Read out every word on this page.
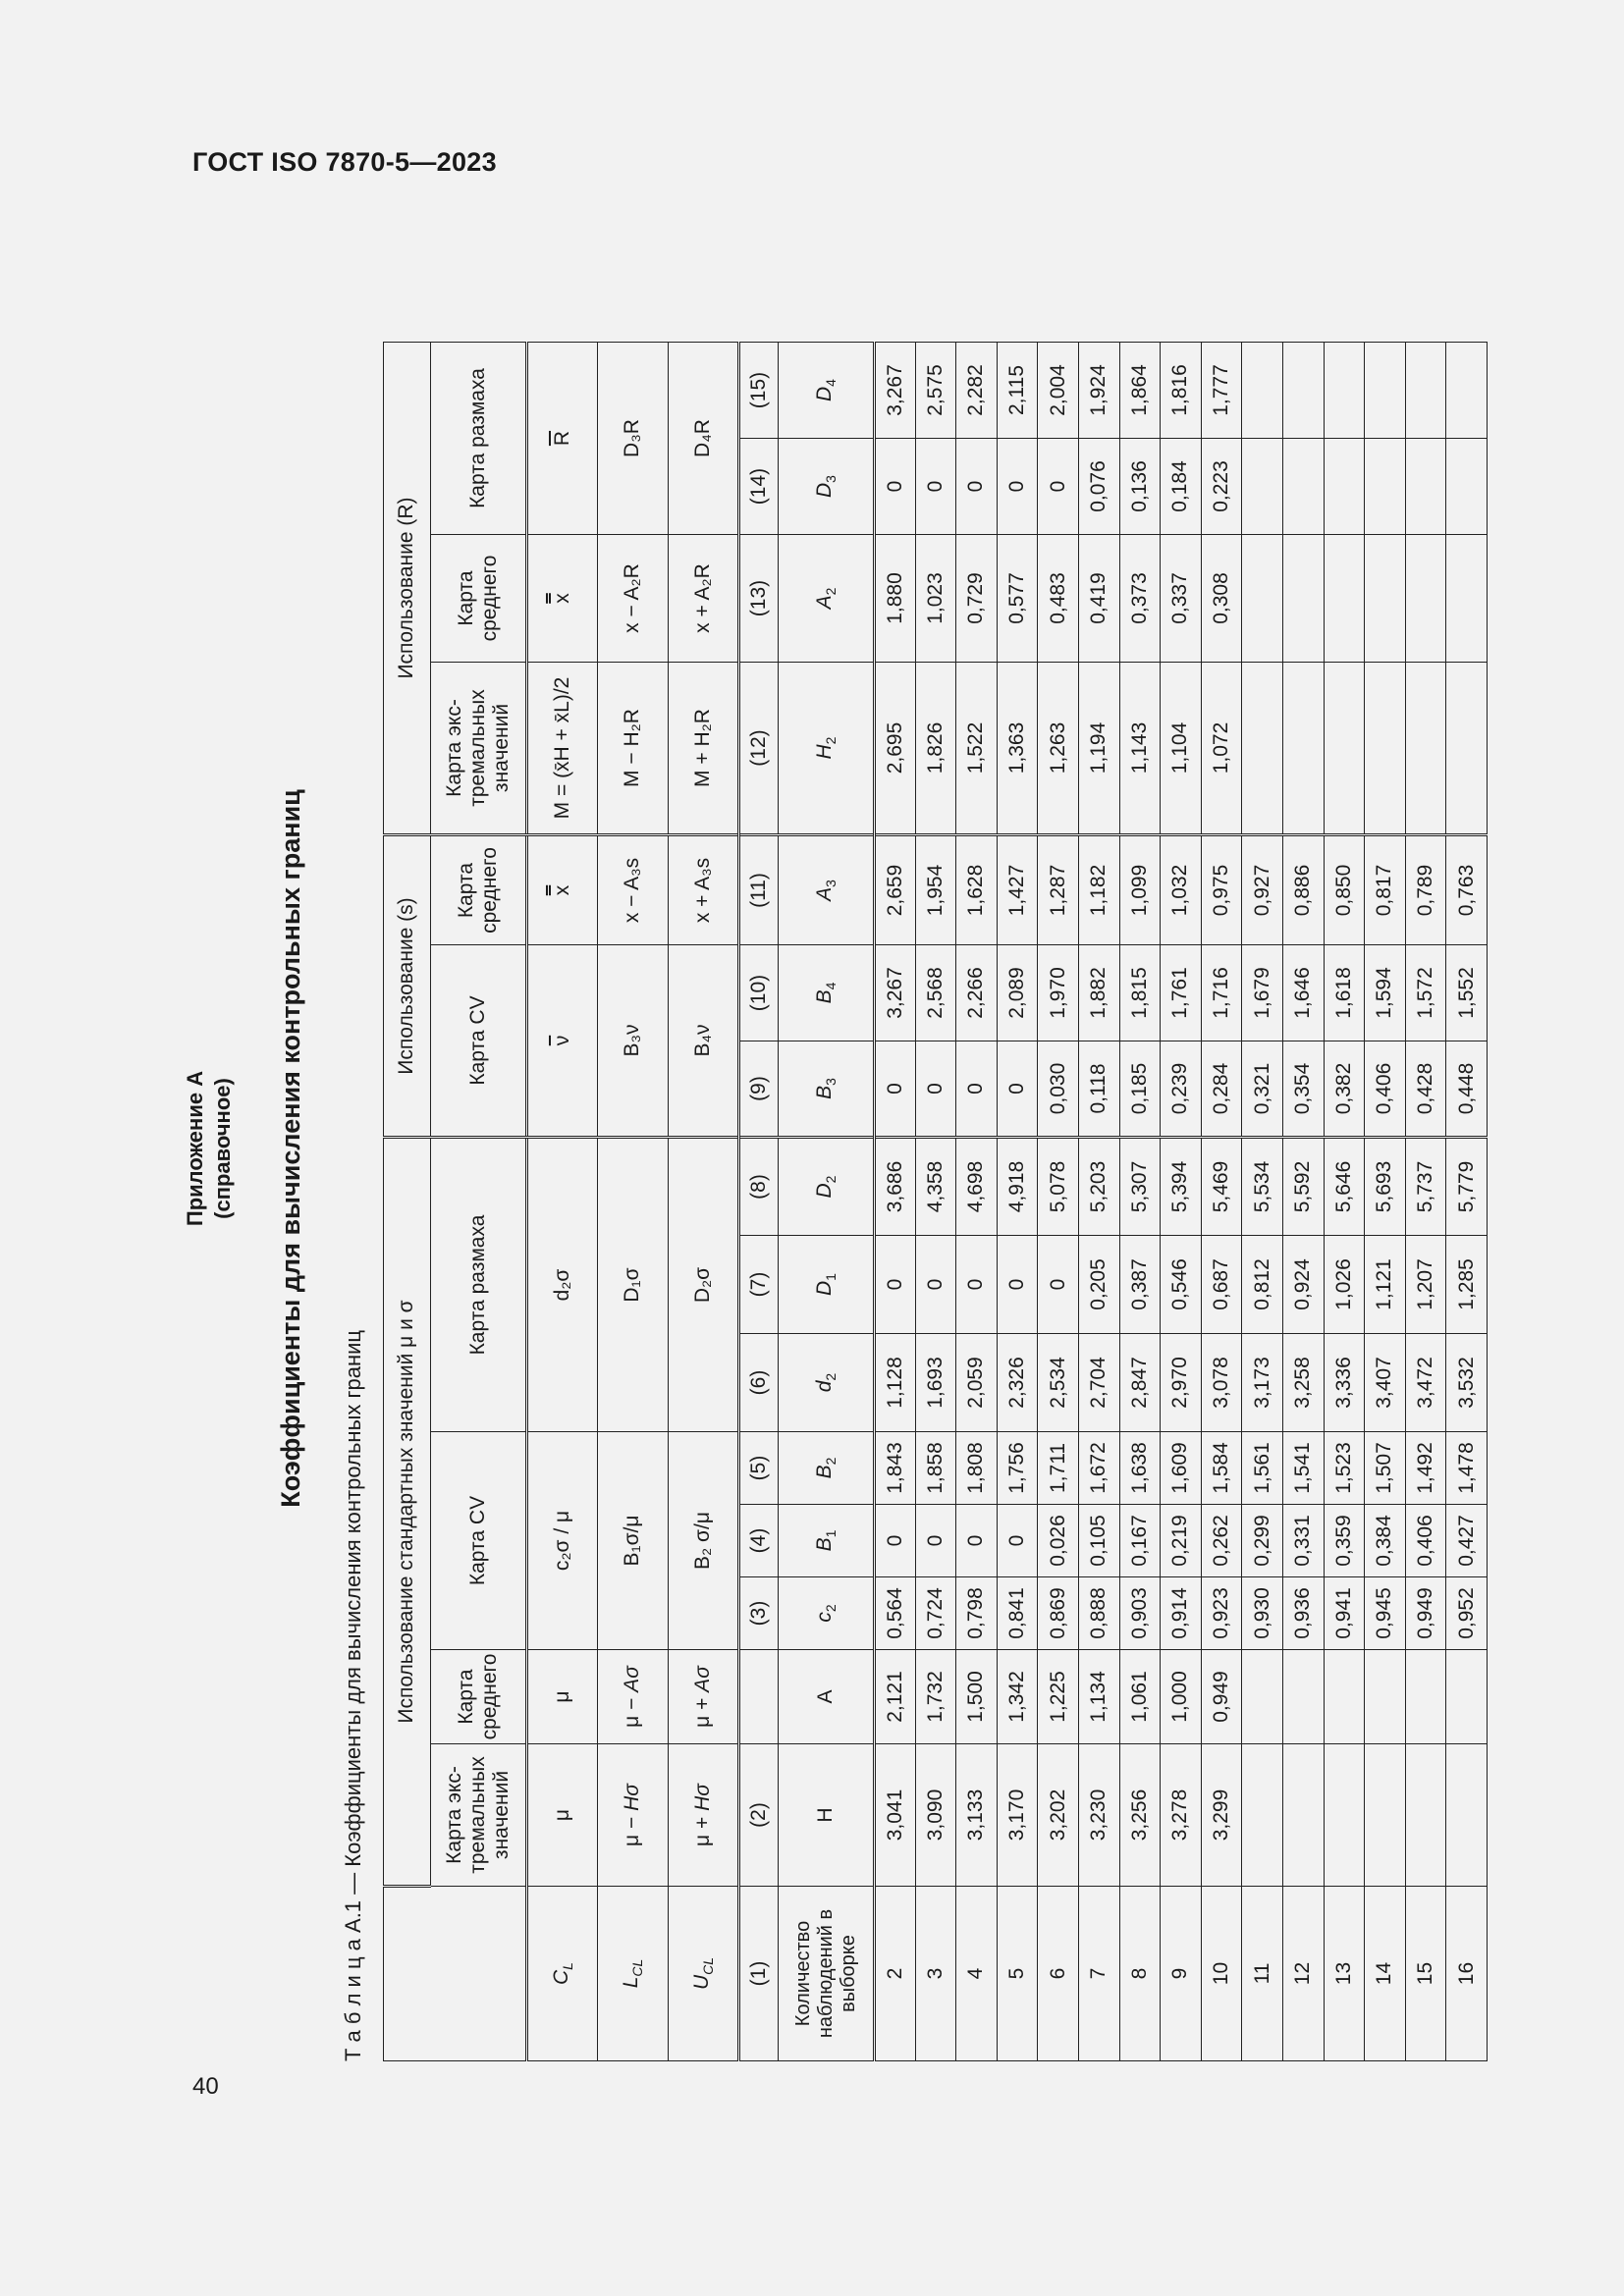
ГОСТ ISO 7870-5—2023
40
Приложение А (справочное) Коэффициенты для вычисления контрольных границ
Т а б л и ц а А.1 — Коэффициенты для вычисления контрольных границ
	Использование стандартных значений μ и σ								Использование (s)			Использование (R)			
	Карта экс-тремальных значений	Карта среднего	Карта CV			Карта размаха			Карта CV		Карта среднего	Карта экс-тремальных значений	Карта среднего	Карта размаха	
$C_L$	μ	μ	c₂σ / μ			d₂σ			$\overline{\nu}$		x	M = (x̄H + x̄L)/2	x	$\overline{R}$
$L_{CL}$	μ − Hσ	μ − Aσ	B₁σ/μ			D₁σ			B₃ν		x − A₃s	M − H₂R	x − A₂R	D₃R	
$U_{CL}$	μ + Hσ	μ + Aσ	B₂ σ/μ			D₂σ			B₄ν		x + A₃s	M + H₂R	x + A₂R	D₄R	
(1)	(2)		(3)	(4)	(5)	(6)	(7)	(8)	(9)	(10)	(11)	(12)	(13)	(14)	(15)
Количество наблюдений в выборке	H	A	$c_2$	$B_1$	$B_2$	$d_2$	$D_1$	$D_2$	$B_3$	$B_4$	$A_3$	$H_2$	$A_2$	$D_3$	$D_4$
2	3,041	2,121	0,564	0	1,843	1,128	0	3,686	0	3,267	2,659	2,695	1,880	0	3,267
3	3,090	1,732	0,724	0	1,858	1,693	0	4,358	0	2,568	1,954	1,826	1,023	0	2,575
4	3,133	1,500	0,798	0	1,808	2,059	0	4,698	0	2,266	1,628	1,522	0,729	0	2,282
5	3,170	1,342	0,841	0	1,756	2,326	0	4,918	0	2,089	1,427	1,363	0,577	0	2,115
6	3,202	1,225	0,869	0,026	1,711	2,534	0	5,078	0,030	1,970	1,287	1,263	0,483	0	2,004
7	3,230	1,134	0,888	0,105	1,672	2,704	0,205	5,203	0,118	1,882	1,182	1,194	0,419	0,076	1,924
8	3,256	1,061	0,903	0,167	1,638	2,847	0,387	5,307	0,185	1,815	1,099	1,143	0,373	0,136	1,864
9	3,278	1,000	0,914	0,219	1,609	2,970	0,546	5,394	0,239	1,761	1,032	1,104	0,337	0,184	1,816
10	3,299	0,949	0,923	0,262	1,584	3,078	0,687	5,469	0,284	1,716	0,975	1,072	0,308	0,223	1,777
11			0,930	0,299	1,561	3,173	0,812	5,534	0,321	1,679	0,927				
12			0,936	0,331	1,541	3,258	0,924	5,592	0,354	1,646	0,886				
13			0,941	0,359	1,523	3,336	1,026	5,646	0,382	1,618	0,850				
14			0,945	0,384	1,507	3,407	1,121	5,693	0,406	1,594	0,817				
15			0,949	0,406	1,492	3,472	1,207	5,737	0,428	1,572	0,789				
16			0,952	0,427	1,478	3,532	1,285	5,779	0,448	1,552	0,763				
